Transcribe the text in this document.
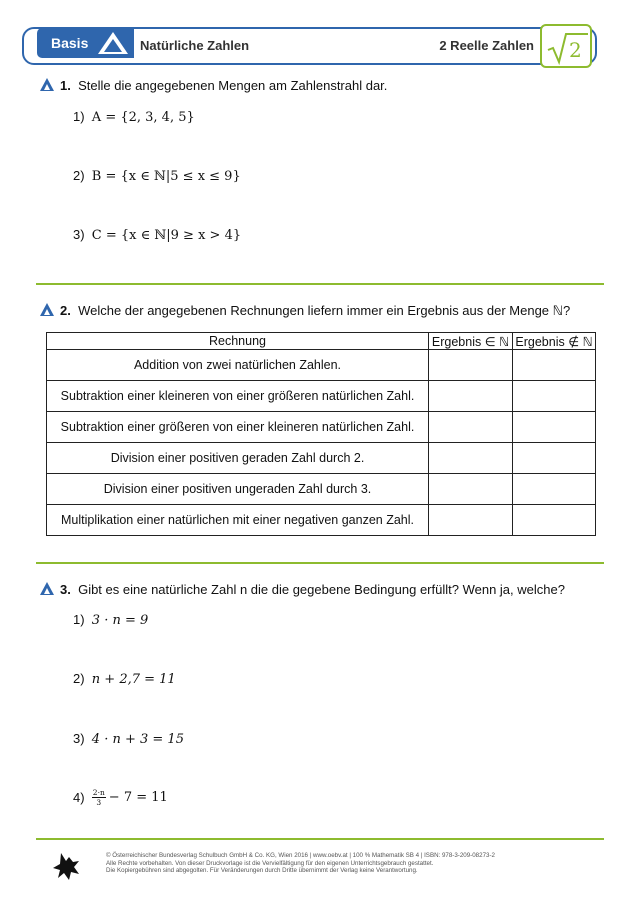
Basis	Natürliche Zahlen	2 Reelle Zahlen 2
1. Stelle die angegebenen Mengen am Zahlenstrahl dar.
1) A = {2, 3, 4, 5}
2) B = {x ∈ ℕ|5 ≤ x ≤ 9}
3) C = {x ∈ ℕ|9 ≥ x > 4}
2. Welche der angegebenen Rechnungen liefern immer ein Ergebnis aus der Menge ℕ?
Rechnung	Ergebnis ∈ ℕ	Ergebnis ∉ ℕ
Addition von zwei natürlichen Zahlen.		
Subtraktion einer kleineren von einer größeren natürlichen Zahl.		
Subtraktion einer größeren von einer kleineren natürlichen Zahl.		
Division einer positiven geraden Zahl durch 2.		
Division einer positiven ungeraden Zahl durch 3.		
Multiplikation einer natürlichen mit einer negativen ganzen Zahl.		
3. Gibt es eine natürliche Zahl n die die gegebene Bedingung erfüllt? Wenn ja, welche?
1) 3 · n = 9
2) n + 2,7 = 11
3) 4 · n + 3 = 15
4)
$\frac{2\cdot n}{3} - 7 = 11$
© Österreichischer Bundesverlag Schulbuch GmbH & Co. KG, Wien 2016 | www.oebv.at | 100 % Mathematik SB 4 | ISBN: 978-3-209-08273-2
Alle Rechte vorbehalten. Von dieser Druckvorlage ist die Vervielfältigung für den eigenen Unterrichtsgebrauch gestattet.
Die Kopiergebühren sind abgegolten. Für Veränderungen durch Dritte übernimmt der Verlag keine Verantwortung.
